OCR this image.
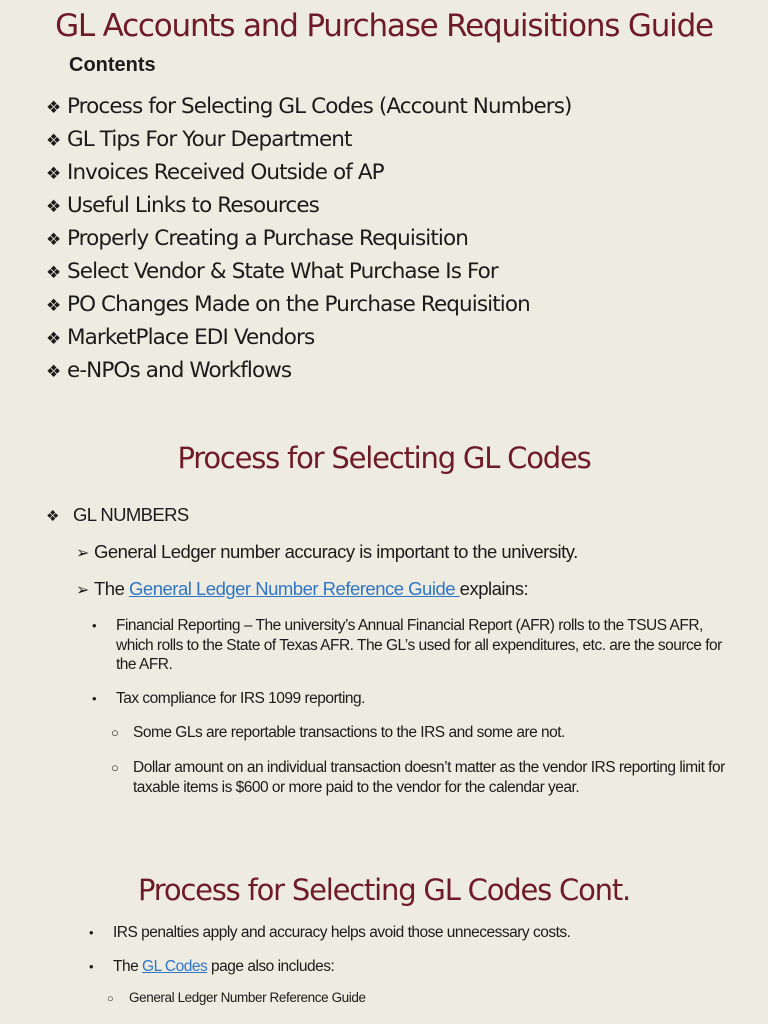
GL Accounts and Purchase Requisitions Guide
Contents
❖ Process for Selecting GL Codes (Account Numbers)
❖ GL Tips For Your Department
❖ Invoices Received Outside of AP
❖ Useful Links to Resources
❖ Properly Creating a Purchase Requisition
❖ Select Vendor & State What Purchase Is For
❖ PO Changes Made on the Purchase Requisition
❖ MarketPlace EDI Vendors
❖ e-NPOs and Workflows
Process for Selecting GL Codes
❖ GL NUMBERS
➢ General Ledger number accuracy is important to the university.
➢ The General Ledger Number Reference Guide explains:
• Financial Reporting – The university’s Annual Financial Report (AFR) rolls to the TSUS AFR, which rolls to the State of Texas AFR. The GL’s used for all expenditures, etc. are the source for the AFR.
• Tax compliance for IRS 1099 reporting.
○ Some GLs are reportable transactions to the IRS and some are not.
○ Dollar amount on an individual transaction doesn’t matter as the vendor IRS reporting limit for taxable items is $600 or more paid to the vendor for the calendar year.
Process for Selecting GL Codes Cont.
• IRS penalties apply and accuracy helps avoid those unnecessary costs.
• The GL Codes page also includes:
○ General Ledger Number Reference Guide
